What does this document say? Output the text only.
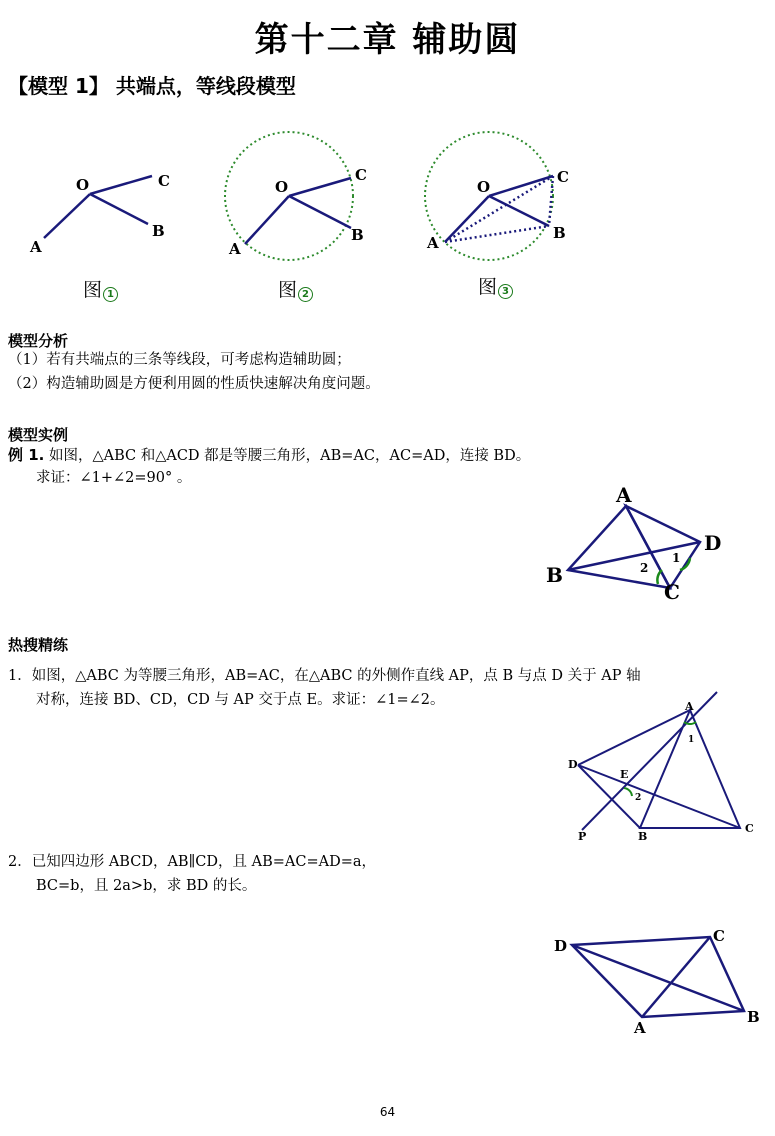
第十二章 辅助圆
【模型 1】 共端点，等线段模型
O
A
B
C
图 1
O
A
B
C
图 2
O
A
B
C
图 3
模型分析
（1）若有共端点的三条等线段，可考虑构造辅助圆；
（2）构造辅助圆是方便利用圆的性质快速解决角度问题。
模型实例
例 1. 如图，△ABC 和△ACD 都是等腰三角形，AB=AC，AC=AD，连接 BD。
求证：∠1+∠2=90° 。
A
B
C
D
1
2
热搜精练
1．如图，△ABC 为等腰三角形，AB=AC，在△ABC 的外侧作直线 AP，点 B 与点 D 关于 AP 轴
对称，连接 BD、CD，CD 与 AP 交于点 E。求证：∠1=∠2。	A
D
E
P	B
C
1
2
2．已知四边形 ABCD，AB∥CD，且 AB=AC=AD=a，
BC=b，且 2a>b，求 BD 的长。
D
C
B
A
64
